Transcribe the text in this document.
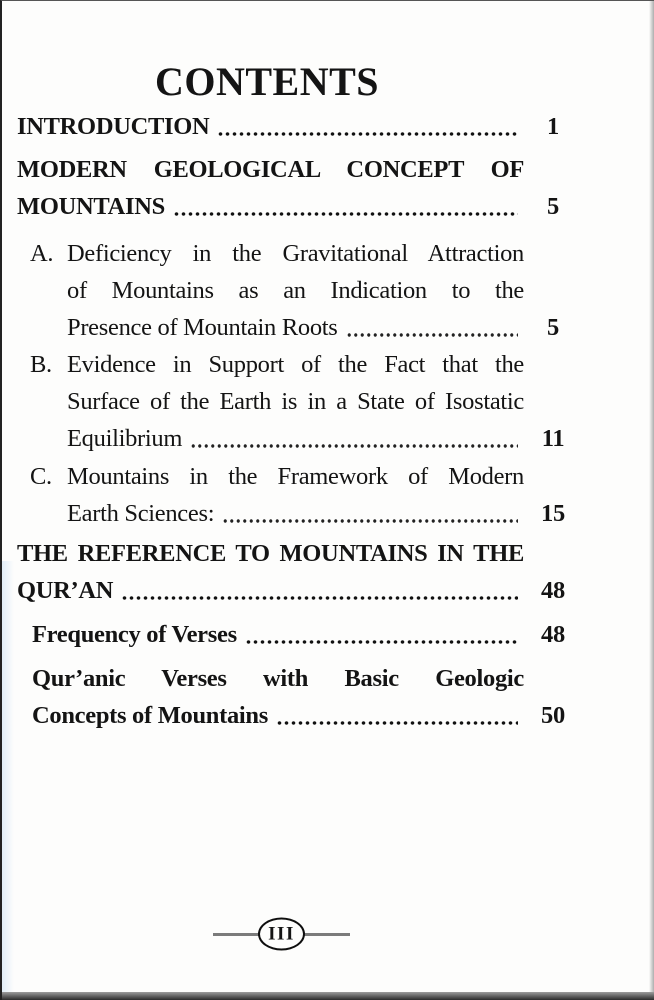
CONTENTS
INTRODUCTION	1
MODERN GEOLOGICAL CONCEPT OF
MOUNTAINS	5
A. Deficiency in the Gravitational Attraction
of Mountains as an Indication to the
Presence of Mountain Roots	5
B. Evidence in Support of the Fact that the
Surface of the Earth is in a State of Isostatic
Equilibrium	11
C. Mountains in the Framework of Modern
Earth Sciences:	15
THE REFERENCE TO MOUNTAINS IN THE
QUR’AN	48
Frequency of Verses	48
Qur’anic Verses with Basic Geologic
Concepts of Mountains	50
III
